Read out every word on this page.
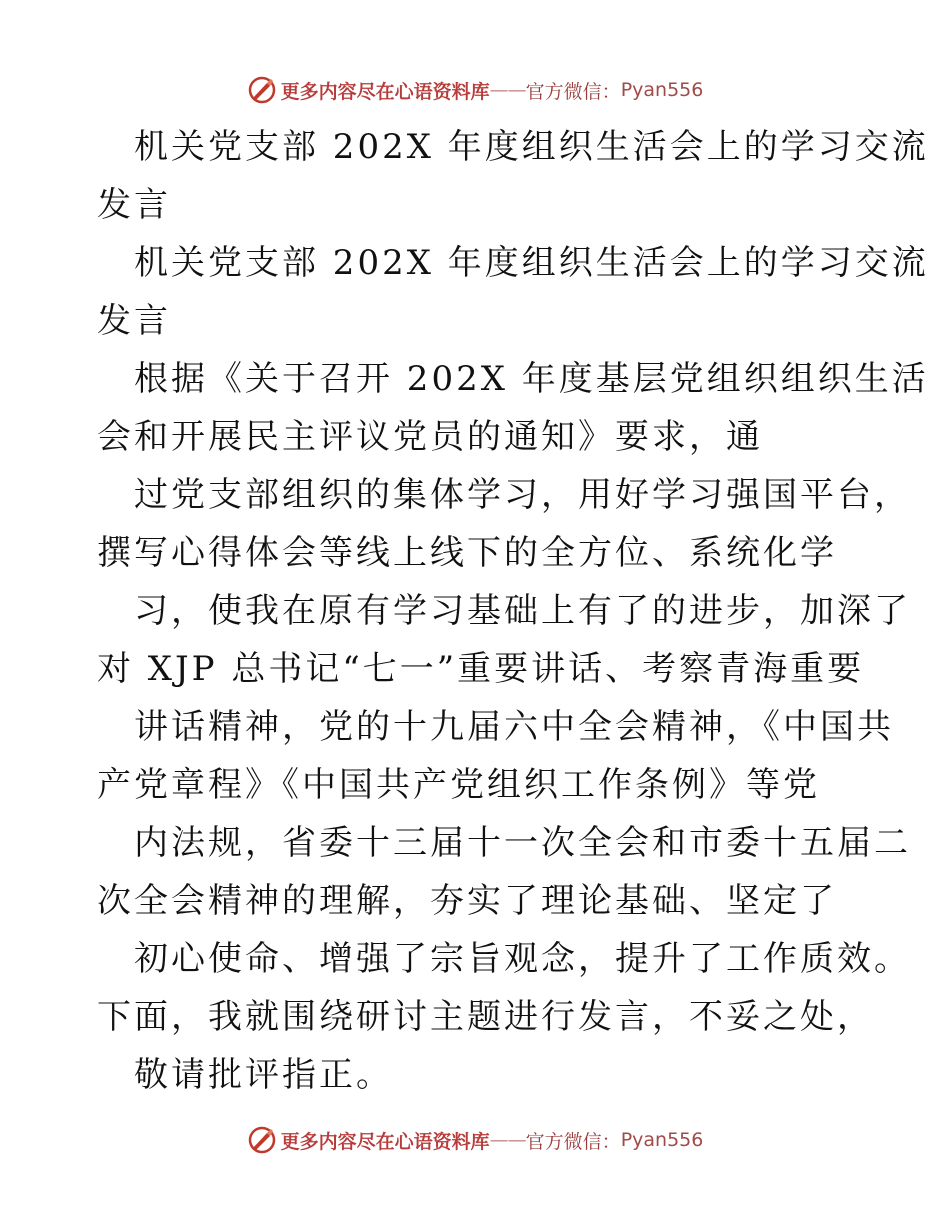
更多内容尽在心语资料库 —— 官方微信： Pyan556
机关党支部 202X 年度组织生活会上的学习交流
发言
机关党支部 202X 年度组织生活会上的学习交流
发言
根据《关于召开 202X 年度基层党组织组织生活
会和开展民主评议党员的通知》要求，通
过党支部组织的集体学习，用好学习强国平台，
撰写心得体会等线上线下的全方位、系统化学
习，使我在原有学习基础上有了的进步，加深了
对 XJP 总书记“七一”重要讲话、考察青海重要
讲话精神，党的十九届六中全会精神，《中国共
产党章程》《中国共产党组织工作条例》等党
内法规，省委十三届十一次全会和市委十五届二
次全会精神的理解，夯实了理论基础、坚定了
初心使命、增强了宗旨观念，提升了工作质效。
下面，我就围绕研讨主题进行发言，不妥之处，
敬请批评指正。
更多内容尽在心语资料库 —— 官方微信： Pyan556
